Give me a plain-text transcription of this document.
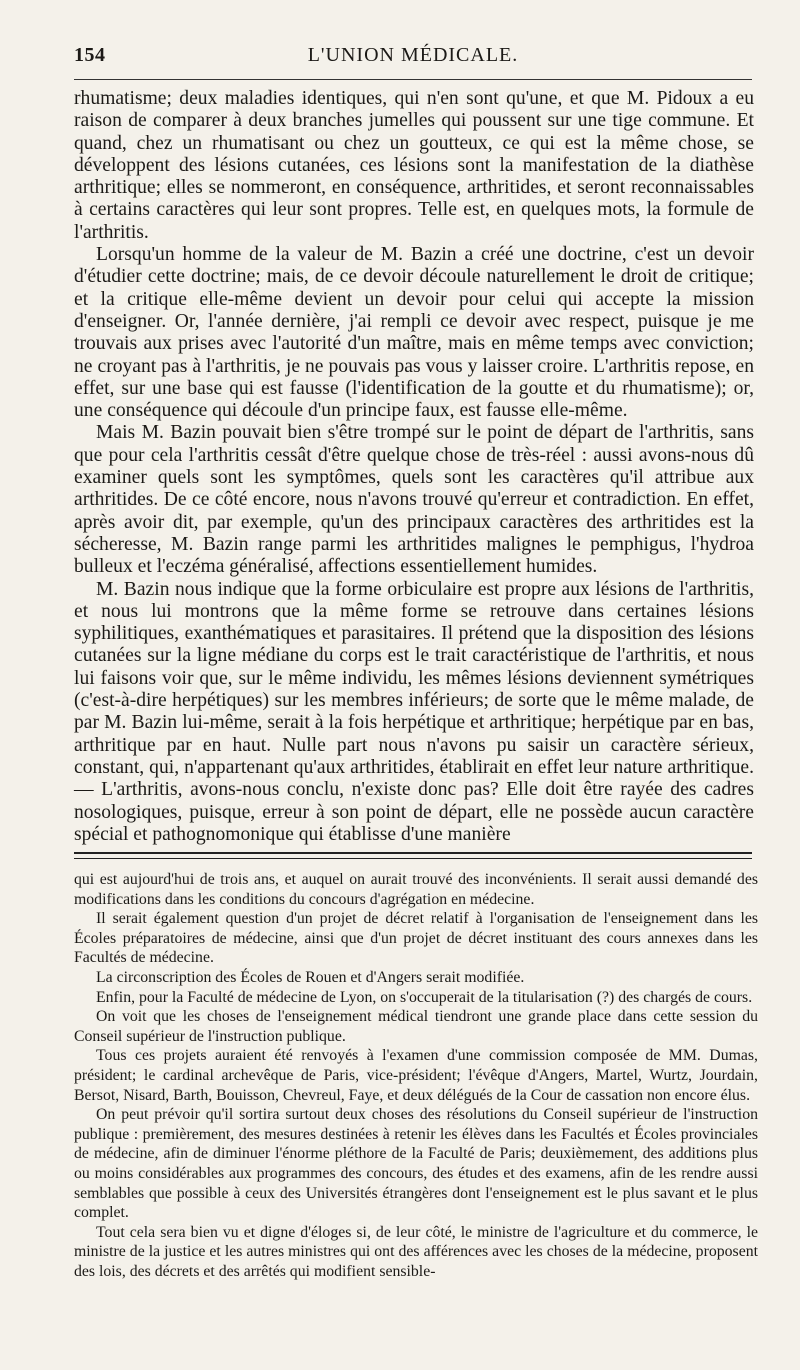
154	L'UNION MÉDICALE.

rhumatisme; deux maladies identiques, qui n'en sont qu'une, et que M. Pidoux a eu raison de comparer à deux branches jumelles qui poussent sur une tige commune. Et quand, chez un rhumatisant ou chez un goutteux, ce qui est la même chose, se développent des lésions cutanées, ces lésions sont la manifestation de la diathèse arthritique; elles se nommeront, en conséquence, arthritides, et seront reconnaissables à certains caractères qui leur sont propres. Telle est, en quelques mots, la formule de l'arthritis.

Lorsqu'un homme de la valeur de M. Bazin a créé une doctrine, c'est un devoir d'étudier cette doctrine; mais, de ce devoir découle naturellement le droit de critique; et la critique elle-même devient un devoir pour celui qui accepte la mission d'enseigner. Or, l'année dernière, j'ai rempli ce devoir avec respect, puisque je me trouvais aux prises avec l'autorité d'un maître, mais en même temps avec conviction; ne croyant pas à l'arthritis, je ne pouvais pas vous y laisser croire. L'arthritis repose, en effet, sur une base qui est fausse (l'identification de la goutte et du rhumatisme); or, une conséquence qui découle d'un principe faux, est fausse elle-même.

Mais M. Bazin pouvait bien s'être trompé sur le point de départ de l'arthritis, sans que pour cela l'arthritis cessât d'être quelque chose de très-réel : aussi avons-nous dû examiner quels sont les symptômes, quels sont les caractères qu'il attribue aux arthritides. De ce côté encore, nous n'avons trouvé qu'erreur et contradiction. En effet, après avoir dit, par exemple, qu'un des principaux caractères des arthritides est la sécheresse, M. Bazin range parmi les arthritides malignes le pemphigus, l'hydroa bulleux et l'eczéma généralisé, affections essentiellement humides.

M. Bazin nous indique que la forme orbiculaire est propre aux lésions de l'arthritis, et nous lui montrons que la même forme se retrouve dans certaines lésions syphilitiques, exanthématiques et parasitaires. Il prétend que la disposition des lésions cutanées sur la ligne médiane du corps est le trait caractéristique de l'arthritis, et nous lui faisons voir que, sur le même individu, les mêmes lésions deviennent symétriques (c'est-à-dire herpétiques) sur les membres inférieurs; de sorte que le même malade, de par M. Bazin lui-même, serait à la fois herpétique et arthritique; herpétique par en bas, arthritique par en haut. Nulle part nous n'avons pu saisir un caractère sérieux, constant, qui, n'appartenant qu'aux arthritides, établirait en effet leur nature arthritique.— L'arthritis, avons-nous conclu, n'existe donc pas? Elle doit être rayée des cadres nosologiques, puisque, erreur à son point de départ, elle ne possède aucun caractère spécial et pathognomonique qui établisse d'une manière

qui est aujourd'hui de trois ans, et auquel on aurait trouvé des inconvénients. Il serait aussi demandé des modifications dans les conditions du concours d'agrégation en médecine.

Il serait également question d'un projet de décret relatif à l'organisation de l'enseignement dans les Écoles préparatoires de médecine, ainsi que d'un projet de décret instituant des cours annexes dans les Facultés de médecine.

La circonscription des Écoles de Rouen et d'Angers serait modifiée.

Enfin, pour la Faculté de médecine de Lyon, on s'occuperait de la titularisation (?) des chargés de cours.

On voit que les choses de l'enseignement médical tiendront une grande place dans cette session du Conseil supérieur de l'instruction publique.

Tous ces projets auraient été renvoyés à l'examen d'une commission composée de MM. Dumas, président; le cardinal archevêque de Paris, vice-président; l'évêque d'Angers, Martel, Wurtz, Jourdain, Bersot, Nisard, Barth, Bouisson, Chevreul, Faye, et deux délégués de la Cour de cassation non encore élus.

On peut prévoir qu'il sortira surtout deux choses des résolutions du Conseil supérieur de l'instruction publique : premièrement, des mesures destinées à retenir les élèves dans les Facultés et Écoles provinciales de médecine, afin de diminuer l'énorme pléthore de la Faculté de Paris; deuxièmement, des additions plus ou moins considérables aux programmes des concours, des études et des examens, afin de les rendre aussi semblables que possible à ceux des Universités étrangères dont l'enseignement est le plus savant et le plus complet.

Tout cela sera bien vu et digne d'éloges si, de leur côté, le ministre de l'agriculture et du commerce, le ministre de la justice et les autres ministres qui ont des afférences avec les choses de la médecine, proposent des lois, des décrets et des arrêtés qui modifient sensible-
